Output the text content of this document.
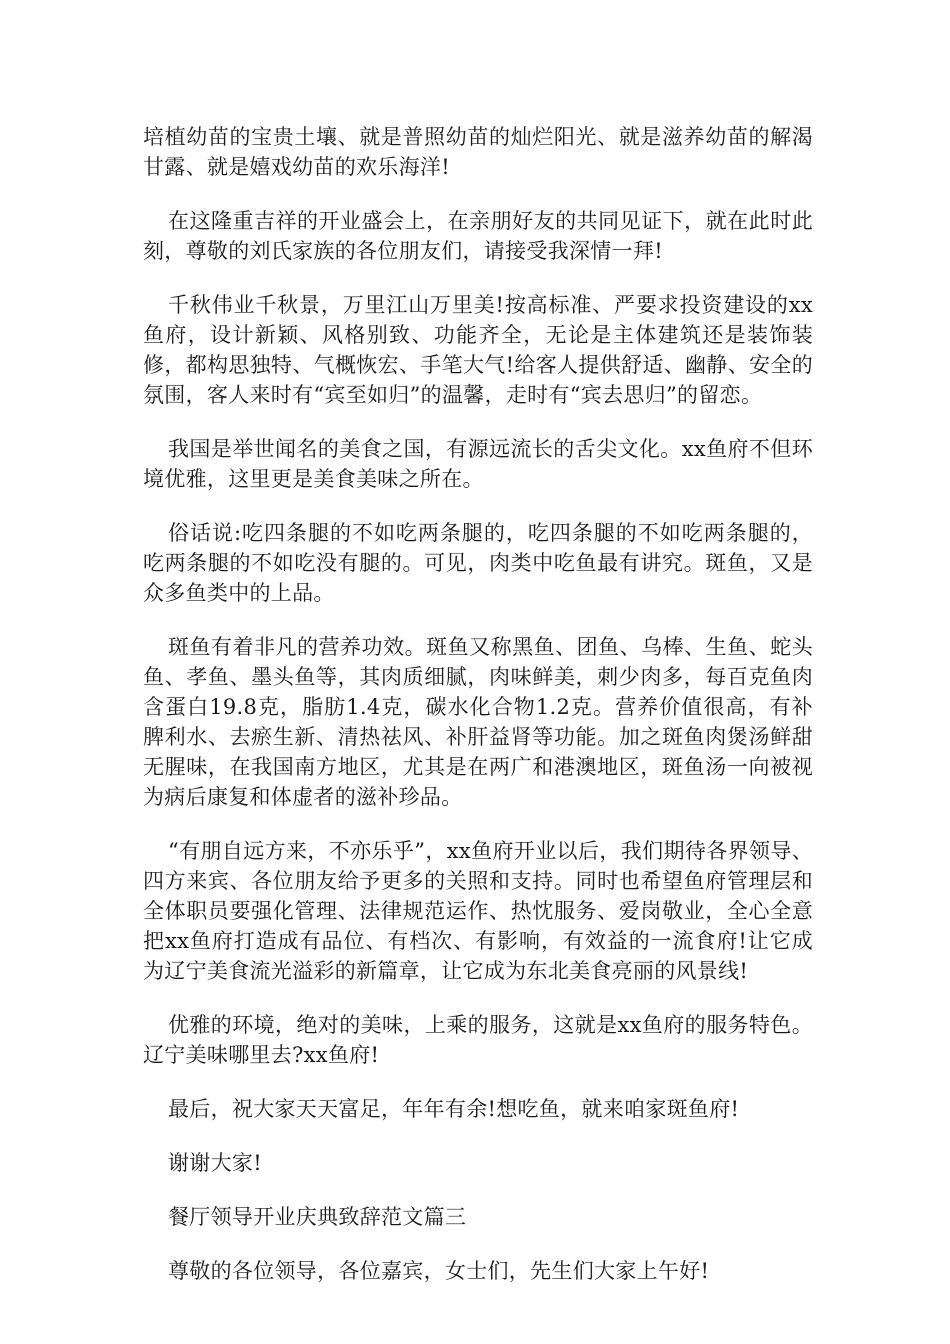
培植幼苗的宝贵土壤、就是普照幼苗的灿烂阳光、就是滋养幼苗的解渴甘露、就是嬉戏幼苗的欢乐海洋!

在这隆重吉祥的开业盛会上，在亲朋好友的共同见证下，就在此时此刻，尊敬的刘氏家族的各位朋友们，请接受我深情一拜!

千秋伟业千秋景，万里江山万里美!按高标准、严要求投资建设的xx鱼府，设计新颖、风格别致、功能齐全，无论是主体建筑还是装饰装修，都构思独特、气概恢宏、手笔大气!给客人提供舒适、幽静、安全的氛围，客人来时有“宾至如归”的温馨，走时有“宾去思归”的留恋。

我国是举世闻名的美食之国，有源远流长的舌尖文化。xx鱼府不但环境优雅，这里更是美食美味之所在。

俗话说:吃四条腿的不如吃两条腿的，吃四条腿的不如吃两条腿的，吃两条腿的不如吃没有腿的。可见，肉类中吃鱼最有讲究。斑鱼，又是众多鱼类中的上品。

斑鱼有着非凡的营养功效。斑鱼又称黑鱼、团鱼、乌棒、生鱼、蛇头鱼、孝鱼、墨头鱼等，其肉质细腻，肉味鲜美，刺少肉多，每百克鱼肉含蛋白19.8克，脂肪1.4克，碳水化合物1.2克。营养价值很高，有补脾利水、去瘀生新、清热祛风、补肝益肾等功能。加之斑鱼肉煲汤鲜甜无腥味，在我国南方地区，尤其是在两广和港澳地区，斑鱼汤一向被视为病后康复和体虚者的滋补珍品。

“有朋自远方来，不亦乐乎”，xx鱼府开业以后，我们期待各界领导、四方来宾、各位朋友给予更多的关照和支持。同时也希望鱼府管理层和全体职员要强化管理、法律规范运作、热忱服务、爱岗敬业，全心全意把xx鱼府打造成有品位、有档次、有影响，有效益的一流食府!让它成为辽宁美食流光溢彩的新篇章，让它成为东北美食亮丽的风景线!

优雅的环境，绝对的美味，上乘的服务，这就是xx鱼府的服务特色。辽宁美味哪里去?xx鱼府!

最后，祝大家天天富足，年年有余!想吃鱼，就来咱家斑鱼府!

谢谢大家!

餐厅领导开业庆典致辞范文篇三

尊敬的各位领导，各位嘉宾，女士们，先生们大家上午好!
